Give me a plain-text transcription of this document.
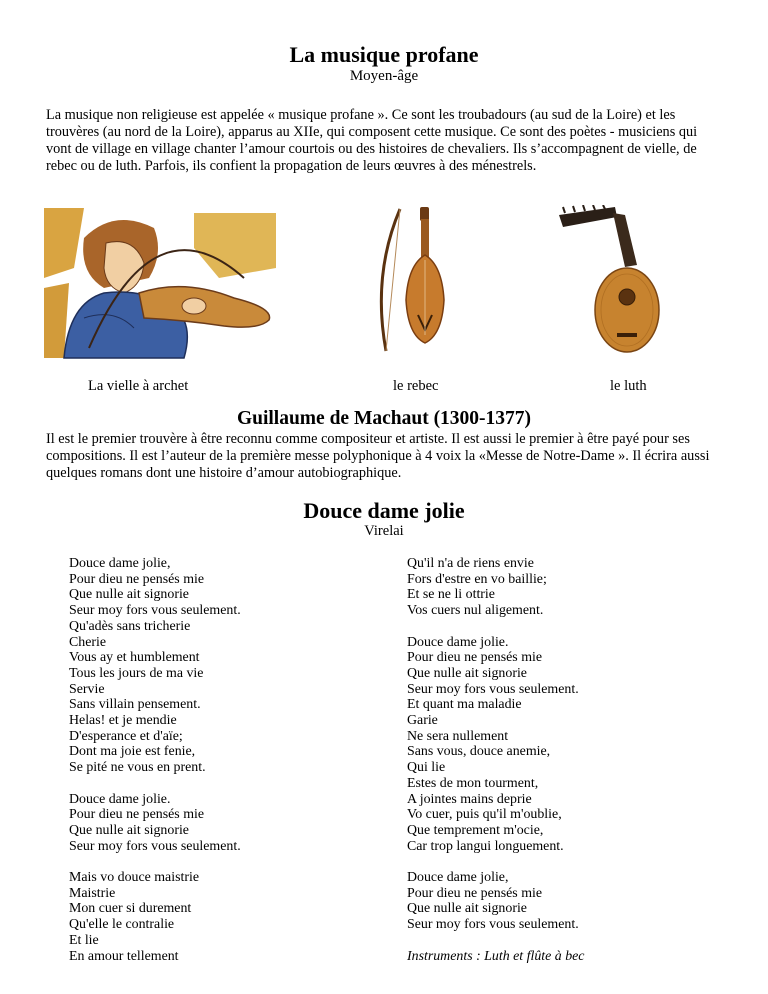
La musique profane
Moyen-âge
La musique non religieuse est appelée « musique profane ». Ce sont les troubadours (au sud de la Loire) et les trouvères (au nord de la Loire), apparus au XIIe, qui composent cette musique. Ce sont des poètes - musiciens qui vont de village en village chanter l’amour courtois ou des histoires de chevaliers. Ils s’accompagnent de vielle, de rebec ou de luth. Parfois, ils confient la propagation de leurs œuvres à des ménestrels.
La vielle à archet	le rebec	le luth
Guillaume de Machaut (1300-1377)
Il est le premier trouvère à être reconnu comme compositeur et artiste. Il est aussi le premier à être payé pour ses compositions. Il est l’auteur de la première messe polyphonique à 4 voix la «Messe de Notre-Dame ». Il écrira aussi quelques romans dont une histoire d’amour autobiographique.
Douce dame jolie
Virelai
Douce dame jolie,
Pour dieu ne pensés mie
Que nulle ait signorie
Seur moy fors vous seulement.
Qu'adès sans tricherie
Cherie
Vous ay et humblement
Tous les jours de ma vie
Servie
Sans villain pensement.
Helas! et je mendie
D'esperance et d'aïe;
Dont ma joie est fenie,
Se pité ne vous en prent.
Douce dame jolie.
Pour dieu ne pensés mie
Que nulle ait signorie
Seur moy fors vous seulement.
Mais vo douce maistrie
Maistrie
Mon cuer si durement
Qu'elle le contralie
Et lie
En amour tellement
Qu'il n'a de riens envie
Fors d'estre en vo baillie;
Et se ne li ottrie
Vos cuers nul aligement.
Douce dame jolie.
Pour dieu ne pensés mie
Que nulle ait signorie
Seur moy fors vous seulement.
Et quant ma maladie
Garie
Ne sera nullement
Sans vous, douce anemie,
Qui lie
Estes de mon tourment,
A jointes mains deprie
Vo cuer, puis qu'il m'oublie,
Que temprement m'ocie,
Car trop langui longuement.
Douce dame jolie,
Pour dieu ne pensés mie
Que nulle ait signorie
Seur moy fors vous seulement.
Instruments : Luth et flûte à bec
